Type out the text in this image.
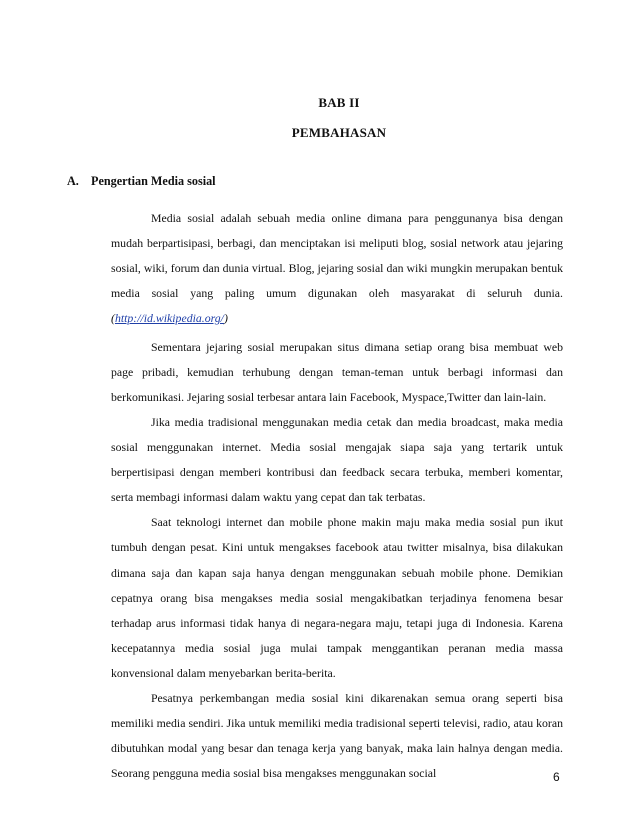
BAB II
PEMBAHASAN
A. Pengertian Media sosial

Media sosial adalah sebuah media online dimana para penggunanya bisa dengan mudah berpartisipasi, berbagi, dan menciptakan isi meliputi blog, sosial network atau jejaring sosial, wiki, forum dan dunia virtual. Blog, jejaring sosial dan wiki mungkin merupakan bentuk media sosial yang paling umum digunakan oleh masyarakat di seluruh dunia. (http://id.wikipedia.org/)

Sementara jejaring sosial merupakan situs dimana setiap orang bisa membuat web page pribadi, kemudian terhubung dengan teman-teman untuk berbagi informasi dan berkomunikasi. Jejaring sosial terbesar antara lain Facebook, Myspace,Twitter dan lain-lain.

Jika media tradisional menggunakan media cetak dan media broadcast, maka media sosial menggunakan internet. Media sosial mengajak siapa saja yang tertarik untuk berpertisipasi dengan memberi kontribusi dan feedback secara terbuka, memberi komentar, serta membagi informasi dalam waktu yang cepat dan tak terbatas.

Saat teknologi internet dan mobile phone makin maju maka media sosial pun ikut tumbuh dengan pesat. Kini untuk mengakses facebook atau twitter misalnya, bisa dilakukan dimana saja dan kapan saja hanya dengan menggunakan sebuah mobile phone. Demikian cepatnya orang bisa mengakses media sosial mengakibatkan terjadinya fenomena besar terhadap arus informasi tidak hanya di negara-negara maju, tetapi juga di Indonesia. Karena kecepatannya media sosial juga mulai tampak menggantikan peranan media massa konvensional dalam menyebarkan berita-berita.

Pesatnya perkembangan media sosial kini dikarenakan semua orang seperti bisa memiliki media sendiri. Jika untuk memiliki media tradisional seperti televisi, radio, atau koran dibutuhkan modal yang besar dan tenaga kerja yang banyak, maka lain halnya dengan media. Seorang pengguna media sosial bisa mengakses menggunakan social	6
